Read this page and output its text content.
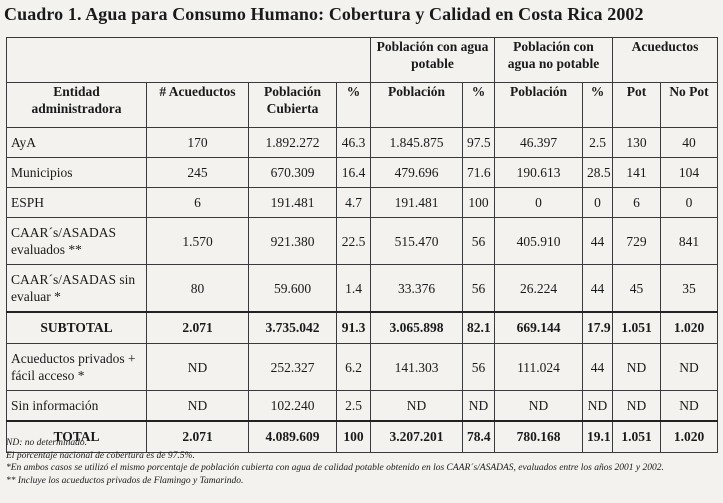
Cuadro 1. Agua para Consumo Humano: Cobertura y Calidad en Costa Rica 2002
				Población con agua potable		Población con agua no potable		Acueductos	
Entidad administradora	# Acueductos	Población Cubierta	%	Población	%	Población	%	Pot	No Pot
AyA	170	1.892.272	46.3	1.845.875	97.5	46.397	2.5	130	40
Municipios	245	670.309	16.4	479.696	71.6	190.613	28.5	141	104
ESPH	6	191.481	4.7	191.481	100	0	0	6	0
CAAR´s/ASADAS evaluados **	1.570	921.380	22.5	515.470	56	405.910	44	729	841
CAAR´s/ASADAS sin evaluar *	80	59.600	1.4	33.376	56	26.224	44	45	35
SUBTOTAL	2.071	3.735.042	91.3	3.065.898	82.1	669.144	17.9	1.051	1.020
Acueductos privados + fácil acceso *	ND	252.327	6.2	141.303	56	111.024	44	ND	ND
Sin información	ND	102.240	2.5	ND	ND	ND	ND	ND	ND
TOTAL	2.071	4.089.609	100	3.207.201	78.4	780.168	19.1	1.051	1.020
ND: no determinado.
El porcentaje nacional de cobertura es de 97.5%.
*En ambos casos se utilizó el mismo porcentaje de población cubierta con agua de calidad potable obtenido en los CAAR´s/ASADAS, evaluados entre los años 2001 y 2002.
** Incluye los acueductos privados de Flamingo y Tamarindo.
